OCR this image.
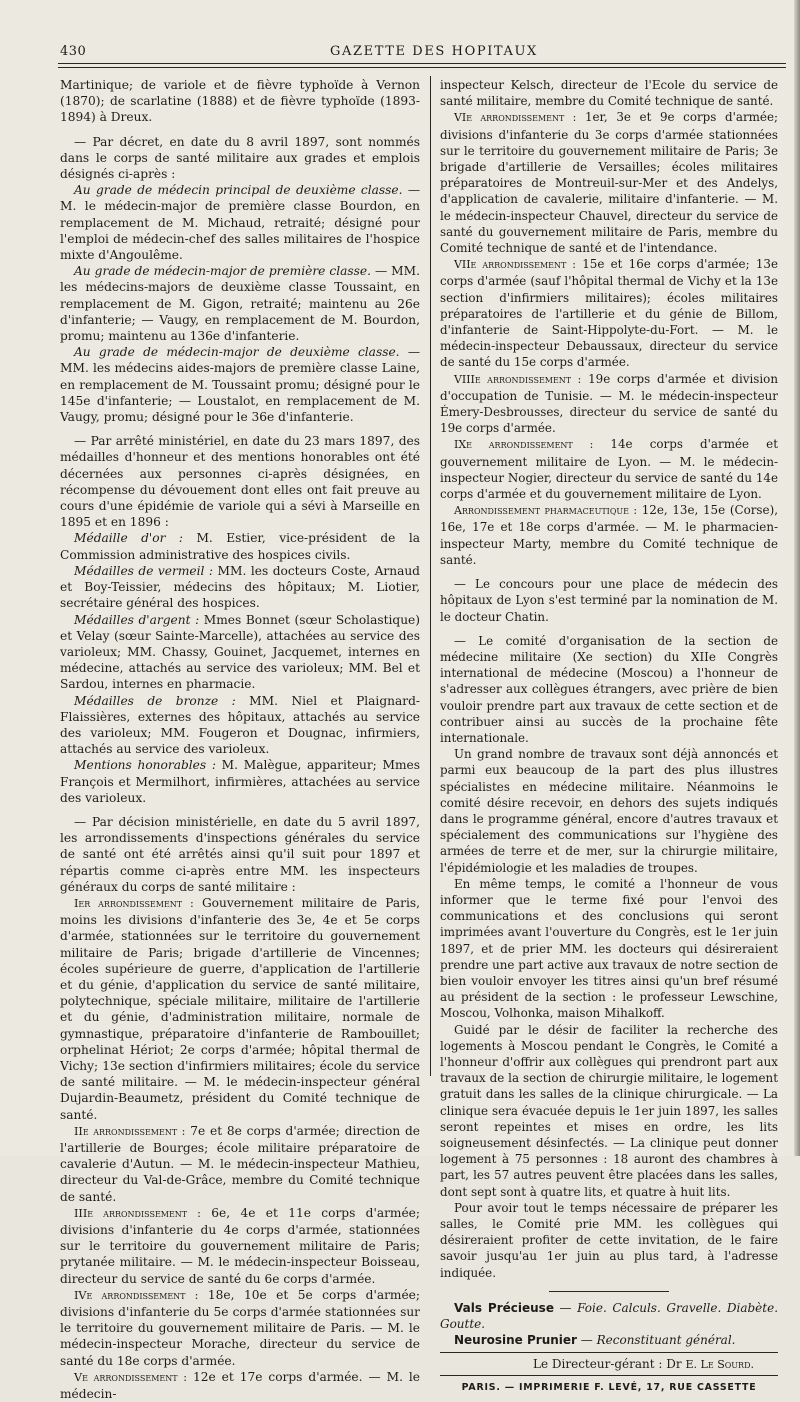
430	GAZETTE DES HOPITAUX

Martinique; de variole et de fièvre typhoïde à Vernon (1870); de scarlatine (1888) et de fièvre typhoïde (1893-1894) à Dreux.

— Par décret, en date du 8 avril 1897, sont nommés dans le corps de santé militaire aux grades et emplois désignés ci-après :

Au grade de médecin principal de deuxième classe. — M. le médecin-major de première classe Bourdon, en remplacement de M. Michaud, retraité; désigné pour l'emploi de médecin-chef des salles militaires de l'hospice mixte d'Angoulême.

Au grade de médecin-major de première classe. — MM. les médecins-majors de deuxième classe Toussaint, en remplacement de M. Gigon, retraité; maintenu au 26e d'infanterie; — Vaugy, en remplacement de M. Bourdon, promu; maintenu au 136e d'infanterie.

Au grade de médecin-major de deuxième classe. — MM. les médecins aides-majors de première classe Laine, en remplacement de M. Toussaint promu; désigné pour le 145e d'infanterie; — Loustalot, en remplacement de M. Vaugy, promu; désigné pour le 36e d'infanterie.

— Par arrêté ministériel, en date du 23 mars 1897, des médailles d'honneur et des mentions honorables ont été décernées aux personnes ci-après désignées, en récompense du dévouement dont elles ont fait preuve au cours d'une épidémie de variole qui a sévi à Marseille en 1895 et en 1896 :

Médaille d'or : M. Estier, vice-président de la Commission administrative des hospices civils.

Médailles de vermeil : MM. les docteurs Coste, Arnaud et Boy-Teissier, médecins des hôpitaux; M. Liotier, secrétaire général des hospices.

Médailles d'argent : Mmes Bonnet (sœur Scholastique) et Velay (sœur Sainte-Marcelle), attachées au service des varioleux; MM. Chassy, Gouinet, Jacquemet, internes en médecine, attachés au service des varioleux; MM. Bel et Sardou, internes en pharmacie.

Médailles de bronze : MM. Niel et Plaignard-Flaissières, externes des hôpitaux, attachés au service des varioleux; MM. Fougeron et Dougnac, infirmiers, attachés au service des varioleux.

Mentions honorables : M. Malègue, appariteur; Mmes François et Mermilhort, infirmières, attachées au service des varioleux.

— Par décision ministérielle, en date du 5 avril 1897, les arrondissements d'inspections générales du service de santé ont été arrêtés ainsi qu'il suit pour 1897 et répartis comme ci-après entre MM. les inspecteurs généraux du corps de santé militaire :

Ier arrondissement : Gouvernement militaire de Paris, moins les divisions d'infanterie des 3e, 4e et 5e corps d'armée, stationnées sur le territoire du gouvernement militaire de Paris; brigade d'artillerie de Vincennes; écoles supérieure de guerre, d'application de l'artillerie et du génie, d'application du service de santé militaire, polytechnique, spéciale militaire, militaire de l'artillerie et du génie, d'administration militaire, normale de gymnastique, préparatoire d'infanterie de Rambouillet; orphelinat Hériot; 2e corps d'armée; hôpital thermal de Vichy; 13e section d'infirmiers militaires; école du service de santé militaire. — M. le médecin-inspecteur général Dujardin-Beaumetz, président du Comité technique de santé.

IIe arrondissement : 7e et 8e corps d'armée; direction de l'artillerie de Bourges; école militaire préparatoire de cavalerie d'Autun. — M. le médecin-inspecteur Mathieu, directeur du Val-de-Grâce, membre du Comité technique de santé.

IIIe arrondissement : 6e, 4e et 11e corps d'armée; divisions d'infanterie du 4e corps d'armée, stationnées sur le territoire du gouvernement militaire de Paris; prytanée militaire. — M. le médecin-inspecteur Boisseau, directeur du service de santé du 6e corps d'armée.

IVe arrondissement : 18e, 10e et 5e corps d'armée; divisions d'infanterie du 5e corps d'armée stationnées sur le territoire du gouvernement militaire de Paris. — M. le médecin-inspecteur Morache, directeur du service de santé du 18e corps d'armée.

Ve arrondissement : 12e et 17e corps d'armée. — M. le médecin-

inspecteur Kelsch, directeur de l'Ecole du service de santé militaire, membre du Comité technique de santé.

VIe arrondissement : 1er, 3e et 9e corps d'armée; divisions d'infanterie du 3e corps d'armée stationnées sur le territoire du gouvernement militaire de Paris; 3e brigade d'artillerie de Versailles; écoles militaires préparatoires de Montreuil-sur-Mer et des Andelys, d'application de cavalerie, militaire d'infanterie. — M. le médecin-inspecteur Chauvel, directeur du service de santé du gouvernement militaire de Paris, membre du Comité technique de santé et de l'intendance.

VIIe arrondissement : 15e et 16e corps d'armée; 13e corps d'armée (sauf l'hôpital thermal de Vichy et la 13e section d'infirmiers militaires); écoles militaires préparatoires de l'artillerie et du génie de Billom, d'infanterie de Saint-Hippolyte-du-Fort. — M. le médecin-inspecteur Debaussaux, directeur du service de santé du 15e corps d'armée.

VIIIe arrondissement : 19e corps d'armée et division d'occupation de Tunisie. — M. le médecin-inspecteur Émery-Desbrousses, directeur du service de santé du 19e corps d'armée.

IXe arrondissement : 14e corps d'armée et gouvernement militaire de Lyon. — M. le médecin-inspecteur Nogier, directeur du service de santé du 14e corps d'armée et du gouvernement militaire de Lyon.

Arrondissement pharmaceutique : 12e, 13e, 15e (Corse), 16e, 17e et 18e corps d'armée. — M. le pharmacien-inspecteur Marty, membre du Comité technique de santé.

— Le concours pour une place de médecin des hôpitaux de Lyon s'est terminé par la nomination de M. le docteur Chatin.

— Le comité d'organisation de la section de médecine militaire (Xe section) du XIIe Congrès international de médecine (Moscou) a l'honneur de s'adresser aux collègues étrangers, avec prière de bien vouloir prendre part aux travaux de cette section et de contribuer ainsi au succès de la prochaine fête internationale.

Un grand nombre de travaux sont déjà annoncés et parmi eux beaucoup de la part des plus illustres spécialistes en médecine militaire. Néanmoins le comité désire recevoir, en dehors des sujets indiqués dans le programme général, encore d'autres travaux et spécialement des communications sur l'hygiène des armées de terre et de mer, sur la chirurgie militaire, l'épidémiologie et les maladies de troupes.

En même temps, le comité a l'honneur de vous informer que le terme fixé pour l'envoi des communications et des conclusions qui seront imprimées avant l'ouverture du Congrès, est le 1er juin 1897, et de prier MM. les docteurs qui désireraient prendre une part active aux travaux de notre section de bien vouloir envoyer les titres ainsi qu'un bref résumé au président de la section : le professeur Lewschine, Moscou, Volhonka, maison Mihalkoff.

Guidé par le désir de faciliter la recherche des logements à Moscou pendant le Congrès, le Comité a l'honneur d'offrir aux collègues qui prendront part aux travaux de la section de chirurgie militaire, le logement gratuit dans les salles de la clinique chirurgicale. — La clinique sera évacuée depuis le 1er juin 1897, les salles seront repeintes et mises en ordre, les lits soigneusement désinfectés. — La clinique peut donner logement à 75 personnes : 18 auront des chambres à part, les 57 autres peuvent être placées dans les salles, dont sept sont à quatre lits, et quatre à huit lits.

Pour avoir tout le temps nécessaire de préparer les salles, le Comité prie MM. les collègues qui désireraient profiter de cette invitation, de le faire savoir jusqu'au 1er juin au plus tard, à l'adresse indiquée.

Vals Précieuse — Foie. Calculs. Gravelle. Diabète. Goutte.

Neurosine Prunier — Reconstituant général.

Le Directeur-gérant : Dr E. Le Sourd.
PARIS. — IMPRIMERIE F. LEVÉ, 17, RUE CASSETTE
